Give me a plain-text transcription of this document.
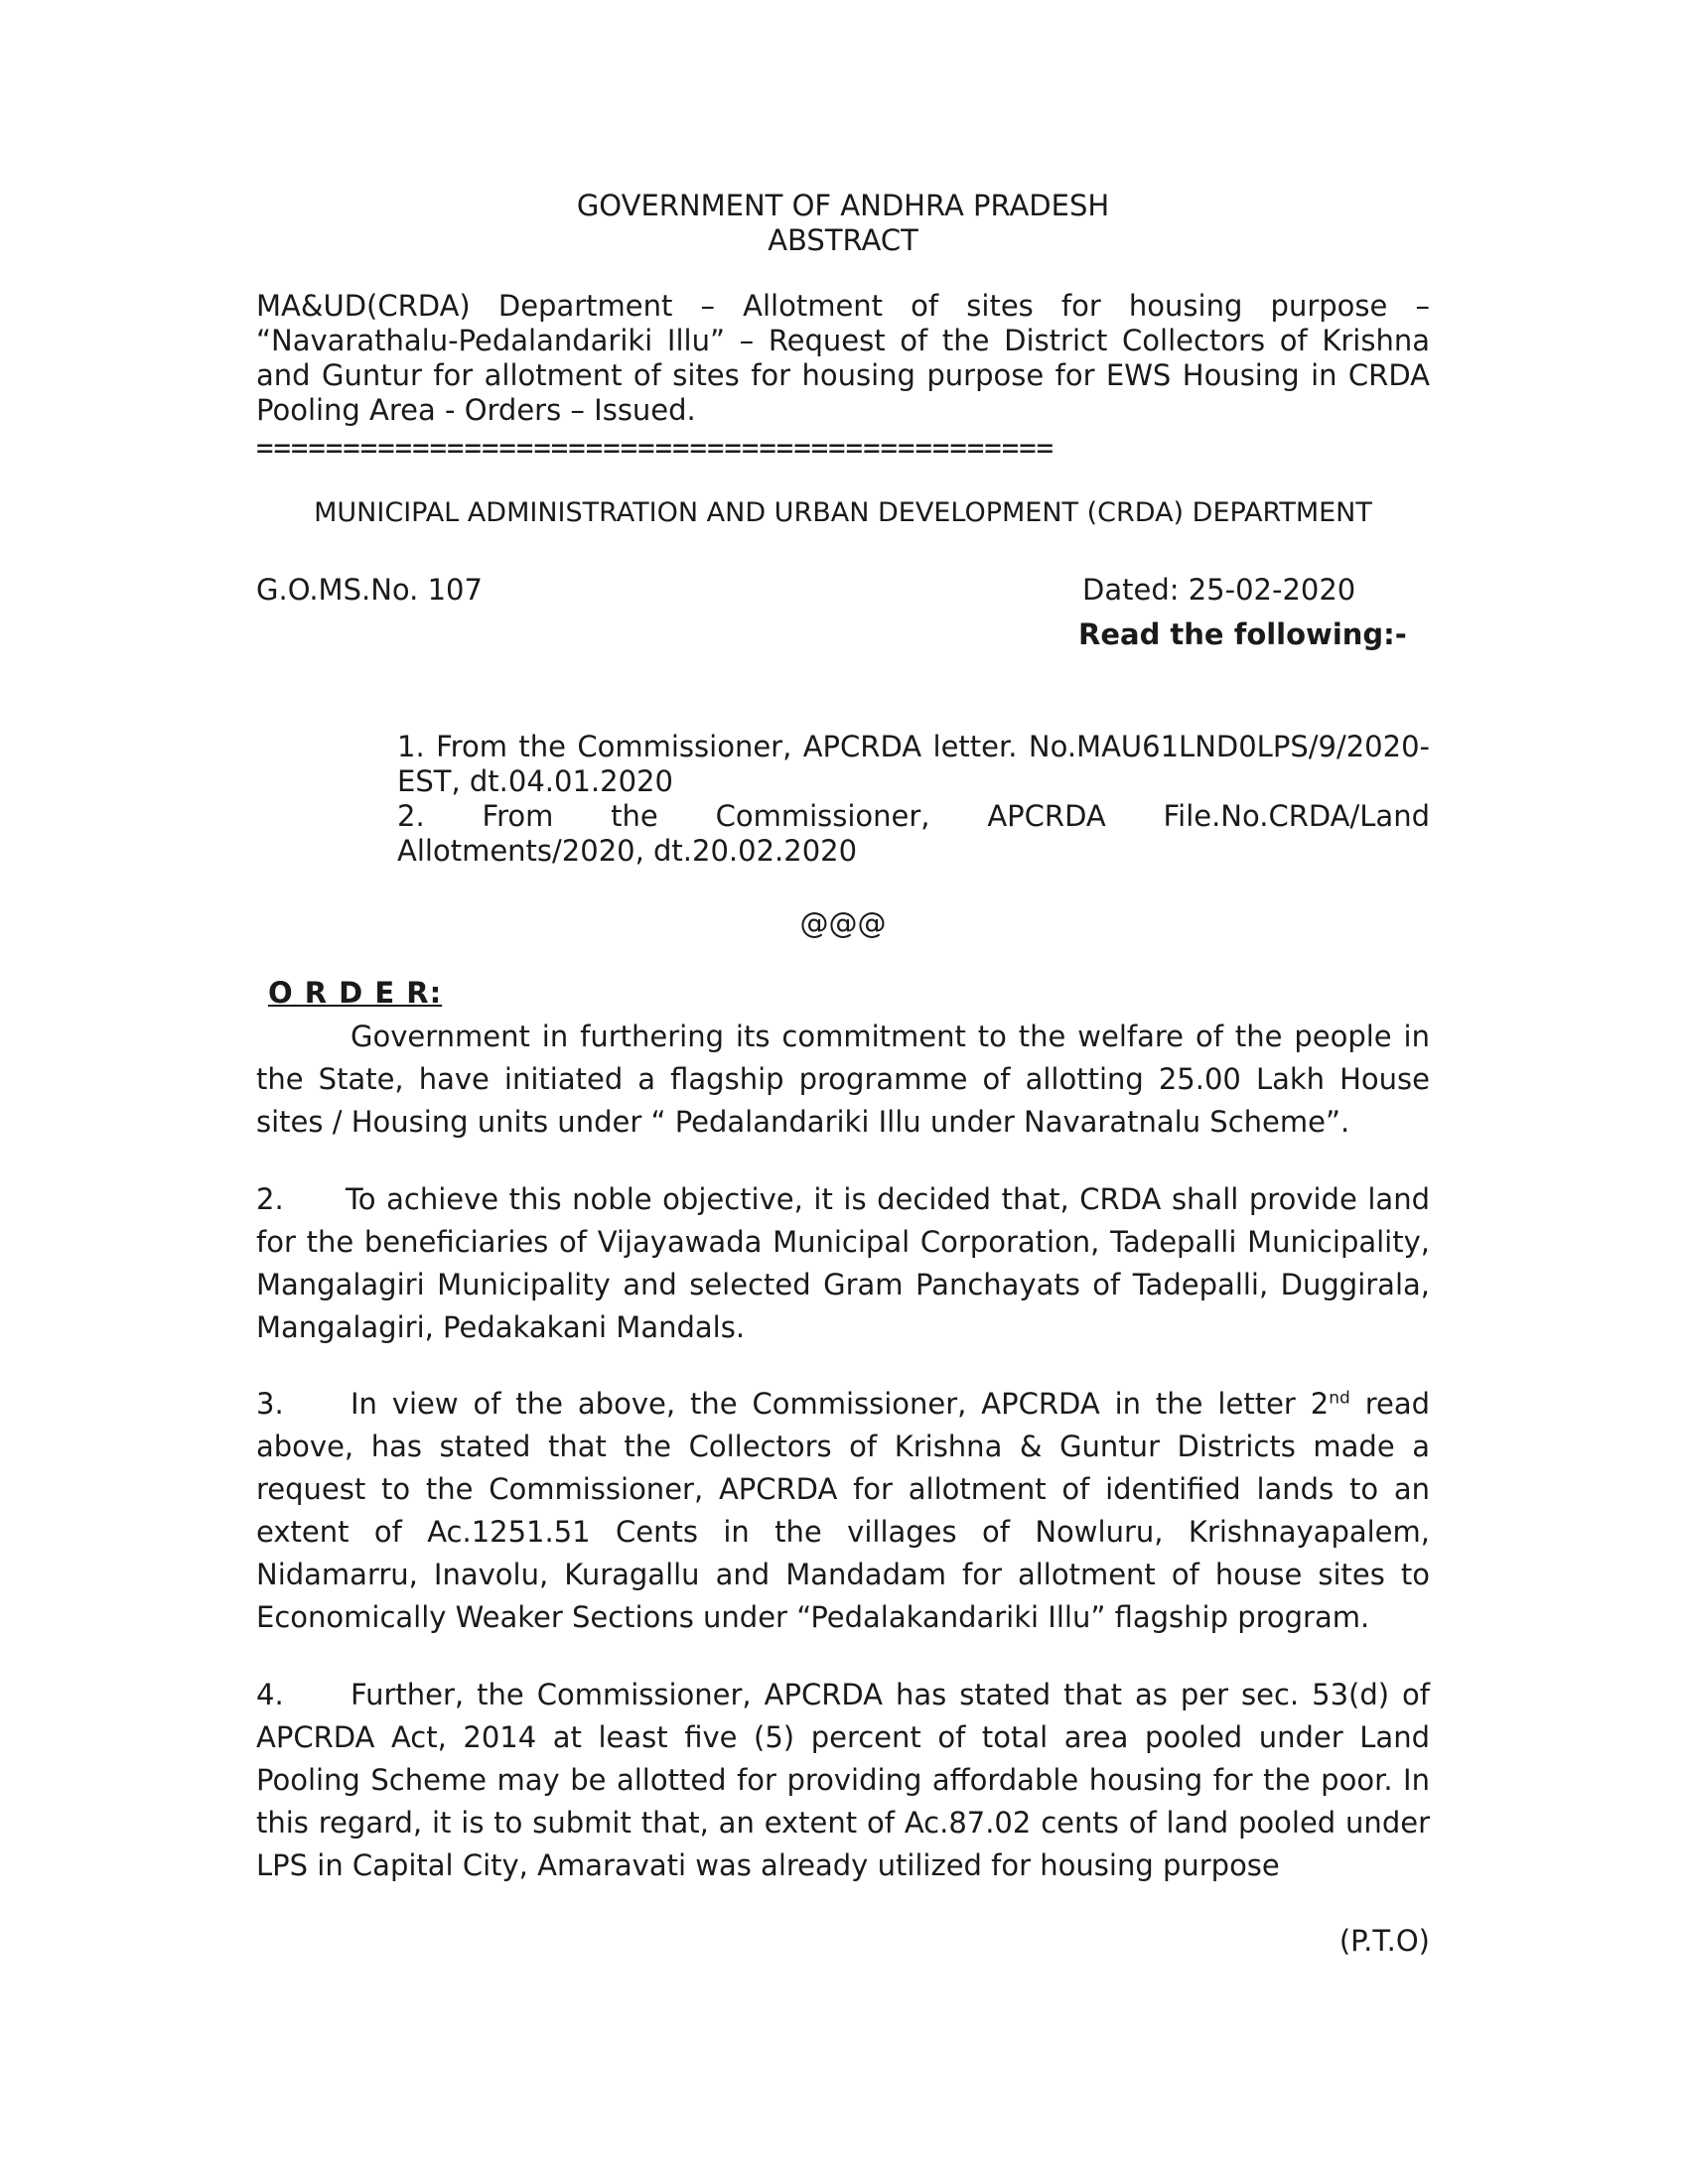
GOVERNMENT OF ANDHRA PRADESH
ABSTRACT
MA&UD(CRDA) Department – Allotment of sites for housing purpose – “Navarathalu-Pedalandariki Illu” – Request of the District Collectors of Krishna and Guntur for allotment of sites for housing purpose for EWS Housing in CRDA Pooling Area - Orders – Issued.
==============================================
MUNICIPAL ADMINISTRATION AND URBAN DEVELOPMENT (CRDA) DEPARTMENT
G.O.MS.No. 107	Dated: 25-02-2020
Read the following:-

1. From the Commissioner, APCRDA letter. No.MAU61LND0LPS/9/2020-EST, dt.04.01.2020

2. From the Commissioner, APCRDA File.No.CRDA/Land Allotments/2020, dt.20.02.2020

@@@
O R D E R:

Government in furthering its commitment to the welfare of the people in the State, have initiated a flagship programme of allotting 25.00 Lakh House sites / Housing units under “ Pedalandariki Illu under Navaratnalu Scheme”.

2. To achieve this noble objective, it is decided that, CRDA shall provide land for the beneficiaries of Vijayawada Municipal Corporation, Tadepalli Municipality, Mangalagiri Municipality and selected Gram Panchayats of Tadepalli, Duggirala, Mangalagiri, Pedakakani Mandals.

3. In view of the above, the Commissioner, APCRDA in the letter 2nd read above, has stated that the Collectors of Krishna & Guntur Districts made a request to the Commissioner, APCRDA for allotment of identified lands to an extent of Ac.1251.51 Cents in the villages of Nowluru, Krishnayapalem, Nidamarru, Inavolu, Kuragallu and Mandadam for allotment of house sites to Economically Weaker Sections under “Pedalakandariki Illu” flagship program.

4. Further, the Commissioner, APCRDA has stated that as per sec. 53(d) of APCRDA Act, 2014 at least five (5) percent of total area pooled under Land Pooling Scheme may be allotted for providing affordable housing for the poor. In this regard, it is to submit that, an extent of Ac.87.02 cents of land pooled under LPS in Capital City, Amaravati was already utilized for housing purpose

(P.T.O)
